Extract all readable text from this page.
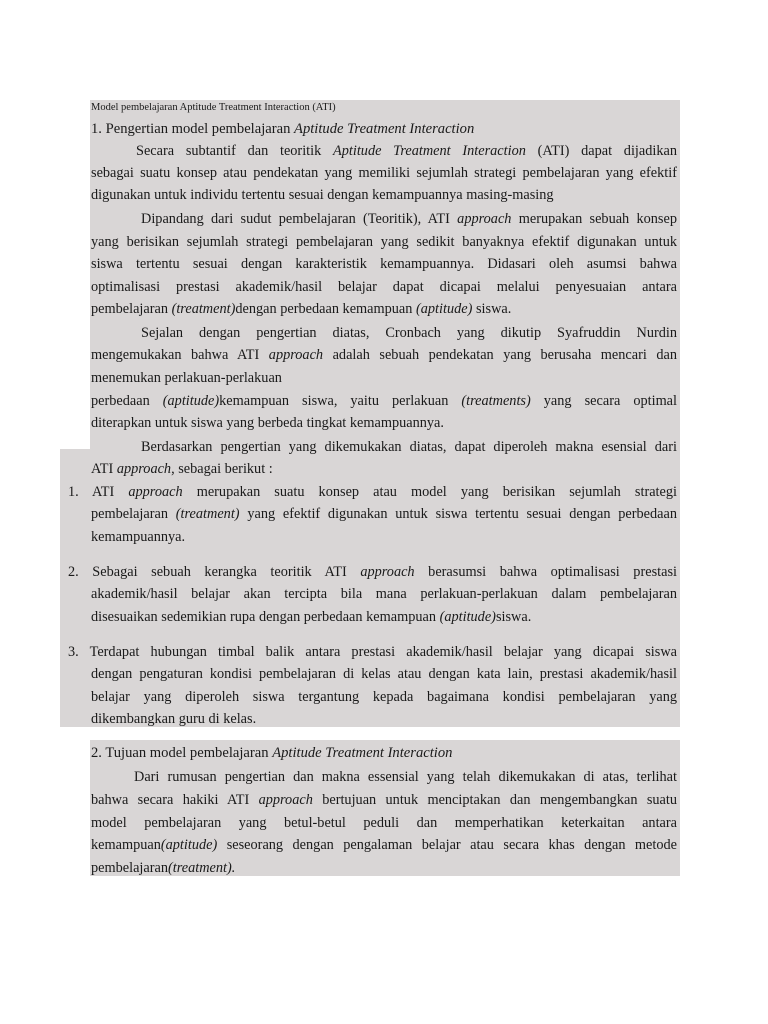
Model pembelajaran Aptitude Treatment Interaction (ATI)
1. Pengertian model pembelajaran Aptitude Treatment Interaction
Secara subtantif dan teoritik Aptitude Treatment Interaction (ATI) dapat dijadikan
sebagai suatu konsep atau pendekatan yang memiliki sejumlah strategi pembelajaran yang efektif
digunakan untuk individu tertentu sesuai dengan kemampuannya masing-masing
Dipandang dari sudut pembelajaran (Teoritik), ATI approach merupakan sebuah konsep
yang berisikan sejumlah strategi pembelajaran yang sedikit banyaknya efektif digunakan untuk
siswa tertentu sesuai dengan karakteristik kemampuannya. Didasari oleh asumsi bahwa
optimalisasi prestasi akademik/hasil belajar dapat dicapai melalui penyesuaian antara
pembelajaran (treatment)dengan perbedaan kemampuan (aptitude) siswa.
Sejalan dengan pengertian diatas, Cronbach yang dikutip Syafruddin Nurdin
mengemukakan bahwa ATI approach adalah sebuah pendekatan yang berusaha mencari dan
menemukan perlakuan-perlakuan
perbedaan (aptitude)kemampuan siswa, yaitu perlakuan (treatments) yang secara optimal
diterapkan untuk siswa yang berbeda tingkat kemampuannya.
Berdasarkan pengertian yang dikemukakan diatas, dapat diperoleh makna esensial dari
ATI approach, sebagai berikut :
1. ATI approach merupakan suatu konsep atau model yang berisikan sejumlah strategi
pembelajaran (treatment) yang efektif digunakan untuk siswa tertentu sesuai dengan perbedaan
kemampuannya.
2. Sebagai sebuah kerangka teoritik ATI approach berasumsi bahwa optimalisasi prestasi
akademik/hasil belajar akan tercipta bila mana perlakuan-perlakuan dalam pembelajaran
disesuaikan sedemikian rupa dengan perbedaan kemampuan (aptitude)siswa.
3. Terdapat hubungan timbal balik antara prestasi akademik/hasil belajar yang dicapai siswa
dengan pengaturan kondisi pembelajaran di kelas atau dengan kata lain, prestasi akademik/hasil
belajar yang diperoleh siswa tergantung kepada bagaimana kondisi pembelajaran yang
dikembangkan guru di kelas.
2. Tujuan model pembelajaran Aptitude Treatment Interaction
Dari rumusan pengertian dan makna essensial yang telah dikemukakan di atas, terlihat
bahwa secara hakiki ATI approach bertujuan untuk menciptakan dan mengembangkan suatu
model pembelajaran yang betul-betul peduli dan memperhatikan keterkaitan antara
kemampuan(aptitude) seseorang dengan pengalaman belajar atau secara khas dengan metode
pembelajaran(treatment).
